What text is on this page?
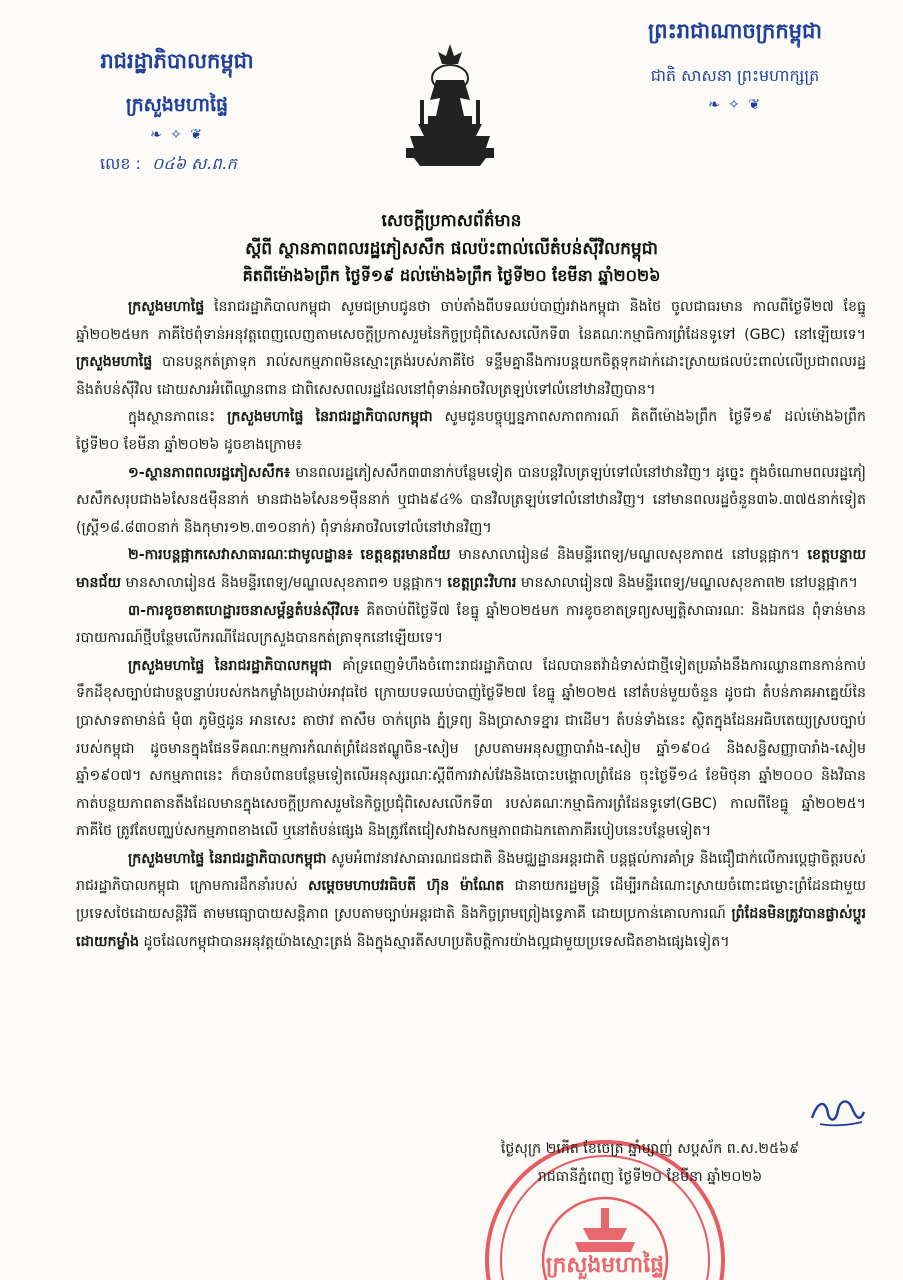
រាជរដ្ឋាភិបាលកម្ពុជា
ក្រសួងមហាផ្ទៃ
❧ ✧ ❦
លេខ : ០៤៦ ស.ព.ក
ព្រះរាជាណាចក្រកម្ពុជា
ជាតិ សាសនា ព្រះមហាក្សត្រ
❧ ✧ ❦
សេចក្ដីប្រកាសព័ត៌មាន
ស្ដីពី ស្ថានភាពពលរដ្ឋភៀសសឹក ផលប៉ះពាល់លើតំបន់ស៊ីវិលកម្ពុជា
គិតពីម៉ោង៦ព្រឹក ថ្ងៃទី១៩ ដល់ម៉ោង៦ព្រឹក ថ្ងៃទី២០ ខែមីនា ឆ្នាំ២០២៦

ក្រសួងមហាផ្ទៃ នៃរាជរដ្ឋាភិបាលកម្ពុជា សូមជម្រាបជូនថា ចាប់តាំងពីបទឈប់បាញ់រវាងកម្ពុជា និងថៃ ចូលជាធរមាន កាលពីថ្ងៃទី២៧ ខែធ្នូ ឆ្នាំ២០២៥មក ភាគីថៃពុំទាន់អនុវត្តពេញលេញតាមសេចក្ដីប្រកាសរួមនៃកិច្ចប្រជុំពិសេសលើកទី៣ នៃគណៈកម្មាធិការព្រំដែនទូទៅ (GBC) នៅឡើយទេ។ ក្រសួងមហាផ្ទៃ បានបន្តកត់ត្រាទុក រាល់សកម្មភាពមិនស្មោះត្រង់របស់ភាគីថៃ ទន្ទឹមគ្នានឹងការបន្តយកចិត្តទុកដាក់ដោះស្រាយផលប៉ះពាល់លើប្រជាពលរដ្ឋ និងតំបន់ស៊ីវិល ដោយសារអំពើឈ្លានពាន ជាពិសេសពលរដ្ឋដែលនៅពុំទាន់អាចវិលត្រឡប់ទៅលំនៅឋានវិញបាន។

ក្នុងស្ថានភាពនេះ ក្រសួងមហាផ្ទៃ នៃរាជរដ្ឋាភិបាលកម្ពុជា សូមជូនបច្ចុប្បន្នភាពសភាពការណ៍ គិតពីម៉ោង៦ព្រឹក ថ្ងៃទី១៩ ដល់ម៉ោង៦ព្រឹក ថ្ងៃទី២០ ខែមីនា ឆ្នាំ២០២៦ ដូចខាងក្រោម៖

១-ស្ថានភាពពលរដ្ឋភៀសសឹក៖ មានពលរដ្ឋភៀសសឹក៣៣នាក់បន្ថែមទៀត បានបន្តវិលត្រឡប់ទៅលំនៅឋានវិញ។ ដូច្នេះ ក្នុងចំណោមពលរដ្ឋភៀសសឹកសរុបជាង៦សែន៥ម៉ឺននាក់ មានជាង៦សែន១ម៉ឺននាក់ ឬជាង៩៤% បានវិលត្រឡប់ទៅលំនៅឋានវិញ។ នៅមានពលរដ្ឋចំនួន៣៦.៣៧៥នាក់ទៀត (ស្ត្រី១៨.៨៣០នាក់ និងកុមារ១២.៣១០នាក់) ពុំទាន់អាចវិលទៅលំនៅឋានវិញ។

២-ការបន្តផ្អាកសេវាសាធារណៈជាមូលដ្ឋាន៖ ខេត្តឧត្ដរមានជ័យ មានសាលារៀន៨ និងមន្ទីរពេទ្យ/មណ្ឌលសុខភាព៥ នៅបន្តផ្អាក។ ខេត្តបន្ទាយមានជ័យ មានសាលារៀន៥ និងមន្ទីរពេទ្យ/មណ្ឌលសុខភាព១ បន្តផ្អាក។ ខេត្តព្រះវិហារ មានសាលារៀន៧ និងមន្ទីរពេទ្យ/មណ្ឌលសុខភាព២ នៅបន្តផ្អាក។

៣-ការខូចខាតហេដ្ឋារចនាសម្ព័ន្ធតំបន់ស៊ីវិល៖ គិតចាប់ពីថ្ងៃទី៧ ខែធ្នូ ឆ្នាំ២០២៥មក ការខូចខាតទ្រព្យសម្បត្តិសាធារណៈ និងឯកជន ពុំទាន់មានរបាយការណ៍ថ្មីបន្ថែមលើករណីដែលក្រសួងបានកត់ត្រាទុកនៅឡើយទេ។

ក្រសួងមហាផ្ទៃ នៃរាជរដ្ឋាភិបាលកម្ពុជា គាំទ្រពេញទំហឹងចំពោះរាជរដ្ឋាភិបាល ដែលបានតវ៉ាដំទាស់ជាថ្មីទៀតប្រឆាំងនឹងការឈ្លានពានកាន់កាប់ទឹកដីខុសច្បាប់ជាបន្តបន្ទាប់របស់កងកម្លាំងប្រដាប់អាវុធថៃ ក្រោយបទឈប់បាញ់ថ្ងៃទី២៧ ខែធ្នូ ឆ្នាំ២០២៥ នៅតំបន់មួយចំនួន ដូចជា តំបន់ភាគអាគ្នេយ៍នៃប្រាសាទតាមាន់ធំ ម៉ុំ៣ ភូមិថ្មដូន អានសេះ តាថាវ តាសឹម ចាក់ព្រេង ភ្នំទ្រព្យ និងប្រាសាទខ្នារ ជាដើម។ តំបន់ទាំងនេះ ស្ថិតក្នុងដែនអធិបតេយ្យស្របច្បាប់របស់កម្ពុជា ដូចមានក្នុងផែនទីគណៈកម្មការកំណត់ព្រំដែនឥណ្ឌូចិន-សៀម ស្របតាមអនុសញ្ញាបារាំង-សៀម ឆ្នាំ១៩០៤ និងសន្ធិសញ្ញាបារាំង-សៀម ឆ្នាំ១៩០៧។ សកម្មភាពនេះ ក៏បានបំពានបន្ថែមទៀតលើអនុស្សរណៈស្ដីពីការវាស់វែងនិងបោះបង្គោលព្រំដែន ចុះថ្ងៃទី១៤ ខែមិថុនា ឆ្នាំ២០០០ និងវិធានកាត់បន្ថយភាពតានតឹងដែលមានក្នុងសេចក្ដីប្រកាសរួមនៃកិច្ចប្រជុំពិសេសលើកទី៣ របស់គណៈកម្មាធិការព្រំដែនទូទៅ(GBC) កាលពីខែធ្នូ ឆ្នាំ២០២៥។ ភាគីថៃ ត្រូវតែបញ្ឈប់សកម្មភាពខាងលើ ឬនៅតំបន់ផ្សេង និងត្រូវតែជៀសវាងសកម្មភាពជាឯកតោភាគីរបៀបនេះបន្ថែមទៀត។

ក្រសួងមហាផ្ទៃ នៃរាជរដ្ឋាភិបាលកម្ពុជា សូមអំពាវនាវសាធារណជនជាតិ និងមជ្ឈដ្ឋានអន្តរជាតិ បន្តផ្ដល់ការគាំទ្រ និងជឿជាក់លើការប្ដេជ្ញាចិត្តរបស់រាជរដ្ឋាភិបាលកម្ពុជា ក្រោមការដឹកនាំរបស់ សម្ដេចមហាបវរធិបតី ហ៊ុន ម៉ាណែត ជានាយករដ្ឋមន្ត្រី ដើម្បីរកដំណោះស្រាយចំពោះជម្លោះព្រំដែនជាមួយប្រទេសថៃដោយសន្តិវិធី តាមមធ្យោបាយសន្តិភាព ស្របតាមច្បាប់អន្តរជាតិ និងកិច្ចព្រមព្រៀងទ្វេភាគី ដោយប្រកាន់គោលការណ៍ ព្រំដែនមិនត្រូវបានផ្លាស់ប្ដូរដោយកម្លាំង ដូចដែលកម្ពុជាបានអនុវត្តយ៉ាងស្មោះត្រង់ និងក្នុងស្មារតីសហប្រតិបត្តិការយ៉ាងល្អជាមួយប្រទេសជិតខាងផ្សេងទៀត។

ក្រសួងមហាផ្ទៃ
ថ្ងៃសុក្រ ២កើត ខែចេត្រ ឆ្នាំម្សាញ់ សប្តស័ក ព.ស.២៥៦៩
រាជធានីភ្នំពេញ ថ្ងៃទី២០ ខែមីនា ឆ្នាំ២០២៦
